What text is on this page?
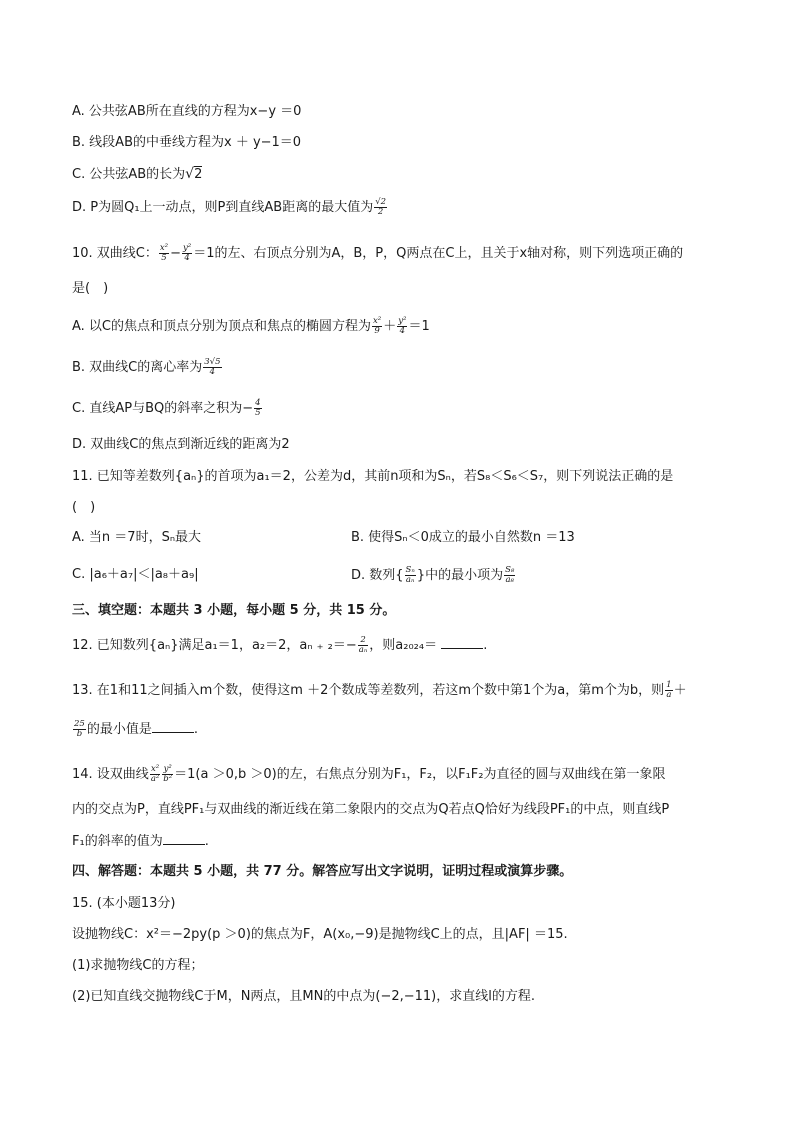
A. 公共弦AB所在直线的方程为x−y ＝0
B. 线段AB的中垂线方程为x ＋ y−1＝0
C. 公共弦AB的长为√2
D. P为圆Q₁上一动点，则P到直线AB距离的最大值为 $\frac{√2}{2}$
10. 双曲线C： $\frac{\text{x²}}{5} - \frac{\text{y²}}{4} =1$的左、右顶点分别为A，B，P，Q两点在C上，且关于x轴对称，则下列选项正确的
是(　)
A. 以C的焦点和顶点分别为顶点和焦点的椭圆方程为 $\frac{\text{x²}}{9} + \frac{\text{y²}}{4} =1$
B. 双曲线C的离心率为 $\frac{3√5}{4}$
C. 直线AP与BQ的斜率之积为− $\frac{4}{5}$
D. 双曲线C的焦点到渐近线的距离为2
11. 已知等差数列{aₙ}的首项为a₁＝2，公差为d，其前n项和为Sₙ，若S₈＜S₆＜S₇，则下列说法正确的是
(　)
A. 当n ＝7时，Sₙ最大	B. 使得Sₙ＜0成立的最小自然数n ＝13
C. |a₆＋a₇|＜|a₈＋a₉|	D. 数列{ $\frac{\text{Sₙ}}{\text{aₙ}}$ }中的最小项为 $\frac{\text{S₈}}{\text{a₈}}$
三、填空题：本题共 3 小题，每小题 5 分，共 15 分。
12. 已知数列{aₙ}满足a₁＝1，a₂＝2，aₙ ₊ $_2=- \frac{2}{\text{aₙ}}$ ，则a₂₀₂₄＝	.
13. 在1和11之间插入m个数，使得这m ＋2个数成等差数列，若这m个数中第1个为a，第m个为b，则 $\frac{1}{a}$ ＋
$\frac{25}{b}$ 的最小值是	.
14. 设双曲线 $\frac{\text{x²}}{\text{a²}} \frac{\text{y²}}{\text{b²}} =1(a >0,b >0)$的左，右焦点分别为F₁，F₂，以F₁F₂为直径的圆与双曲线在第一象限
内的交点为P，直线PF₁与双曲线的渐近线在第二象限内的交点为Q若点Q恰好为线段PF₁的中点，则直线P
F₁的斜率的值为	.
四、解答题：本题共 5 小题，共 77 分。解答应写出文字说明，证明过程或演算步骤。
15. (本小题13分)
设抛物线C：x²＝−2py(p ＞0)的焦点为F，A(x₀,−9)是抛物线C上的点，且|AF| ＝15.
(1)求抛物线C的方程；
(2)已知直线交抛物线C于M，N两点，且MN的中点为(−2,−11)，求直线l的方程.
